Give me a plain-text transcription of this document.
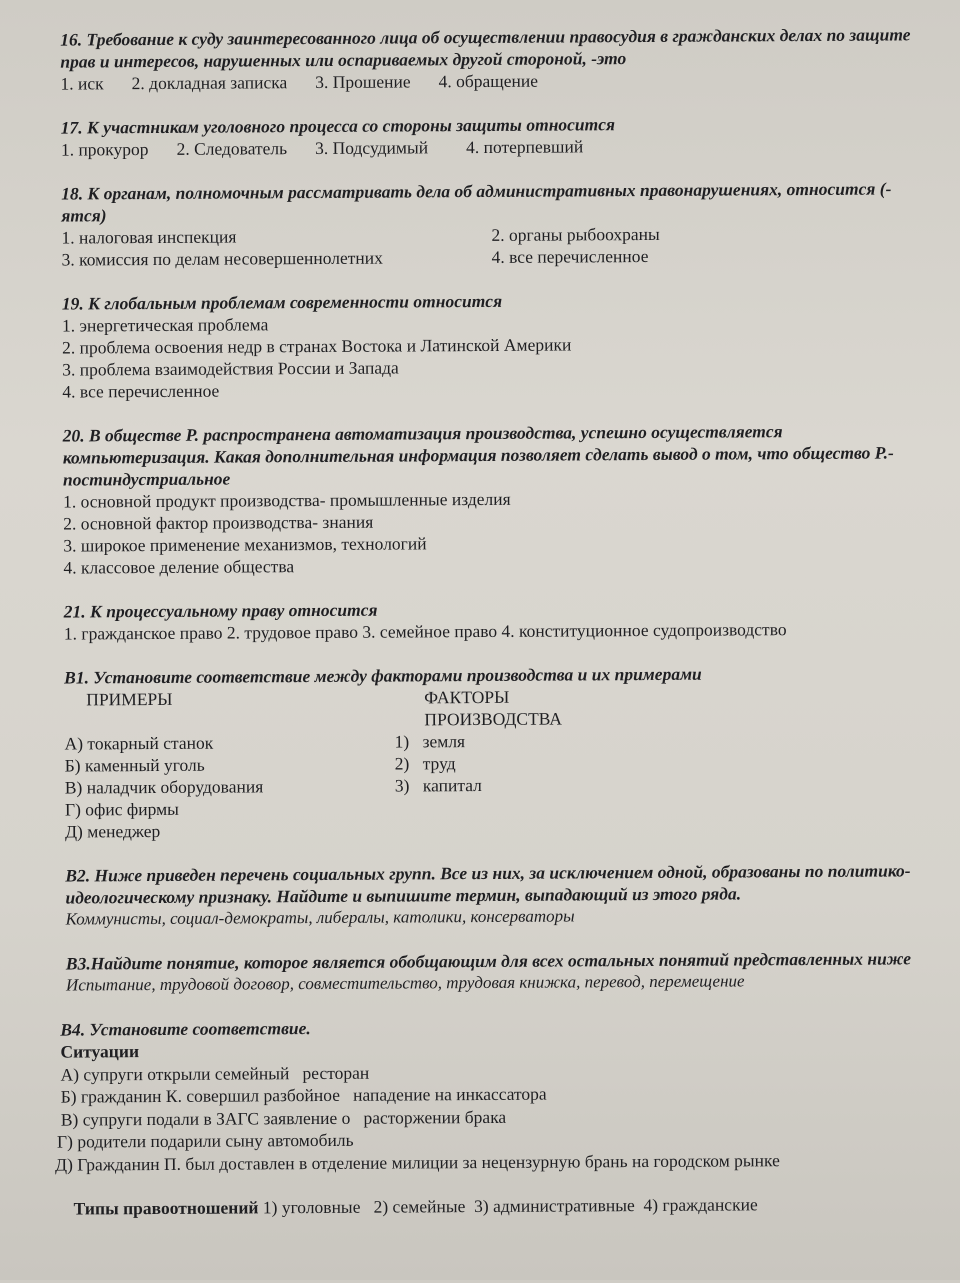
16. Требование к суду заинтересованного лица об осуществлении правосудия в гражданских делах по защите прав и интересов, нарушенных или оспариваемых другой стороной, -это

1. иск 2. докладная записка 3. Прошение 4. обращение

17. К участникам уголовного процесса со стороны защиты относится

1. прокурор 2. Следователь 3. Подсудимый 4. потерпевший

18. К органам, полномочным рассматривать дела об административных правонарушениях, относится (-ятся)

1. налоговая инспекция	2. органы рыбоохраны
3. комиссия по делам несовершеннолетних	4. все перечисленное

19. К глобальным проблемам современности относится

1. энергетическая проблема

2. проблема освоения недр в странах Востока и Латинской Америки

3. проблема взаимодействия России и Запада

4. все перечисленное

20. В обществе Р. распространена автоматизация производства, успешно осуществляется компьютеризация. Какая дополнительная информация позволяет сделать вывод о том, что общество Р.-постиндустриальное

1. основной продукт производства- промышленные изделия

2. основной фактор производства- знания

3. широкое применение механизмов, технологий

4. классовое деление общества

21. К процессуальному праву относится

1. гражданское право 2. трудовое право 3. семейное право 4. конституционное судопроизводство

В1. Установите соответствие между факторами производства и их примерами

ПРИМЕРЫ

А) токарный станок
Б) каменный уголь
В) наладчик оборудования
Г) офис фирмы
Д) менеджер
ФАКТОРЫ
ПРОИЗВОДСТВА
1) земля
2) труд
3) капитал

В2. Ниже приведен перечень социальных групп. Все из них, за исключением одной, образованы по политико-идеологическому признаку. Найдите и выпишите термин, выпадающий из этого ряда.

Коммунисты, социал-демократы, либералы, католики, консерваторы

В3.Найдите понятие, которое является обобщающим для всех остальных понятий представленных ниже

Испытание, трудовой договор, совместительство, трудовая книжка, перевод, перемещение

В4. Установите соответствие.

Ситуации

А) супруги открыли семейный   ресторан

Б) гражданин К. совершил разбойное   нападение на инкассатора

В) супруги подали в ЗАГС заявление о   расторжении брака

Г) родители подарили сыну автомобиль

Д) Гражданин П. был доставлен в отделение милиции за нецензурную брань на городском рынке

Типы правоотношений 1) уголовные   2) семейные  3) административные  4) гражданские
